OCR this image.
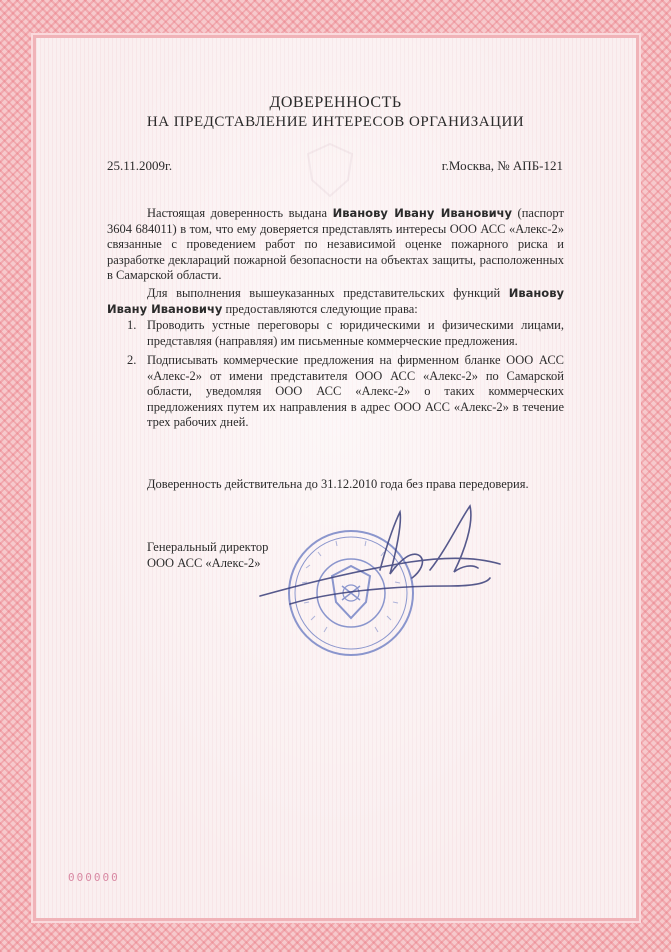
ДОВЕРЕННОСТЬ
НА ПРЕДСТАВЛЕНИЕ ИНТЕРЕСОВ ОРГАНИЗАЦИИ
25.11.2009г.	г.Москва, № АПБ-121
Настоящая доверенность выдана Иванову Ивану Ивановичу (паспорт 3604 684011) в том, что ему доверяется представлять интересы ООО АСС «Алекс-2» связанные с проведением работ по независимой оценке пожарного риска и разработке деклараций пожарной безопасности на объектах защиты, расположенных в Самарской области.
Для выполнения вышеуказанных представительских функций Иванову Ивану Ивановичу предоставляются следующие права:
1. Проводить устные переговоры с юридическими и физическими лицами, представляя (направляя) им письменные коммерческие предложения.
2. Подписывать коммерческие предложения на фирменном бланке ООО АСС «Алекс-2» от имени представителя ООО АСС «Алекс-2» по Самарской области, уведомляя ООО АСС «Алекс-2» о таких коммерческих предложениях путем их направления в адрес ООО АСС «Алекс-2» в течение трех рабочих дней.
Доверенность действительна до 31.12.2010 года без права передоверия.
Генеральный директор
ООО АСС «Алекс-2»
000000
